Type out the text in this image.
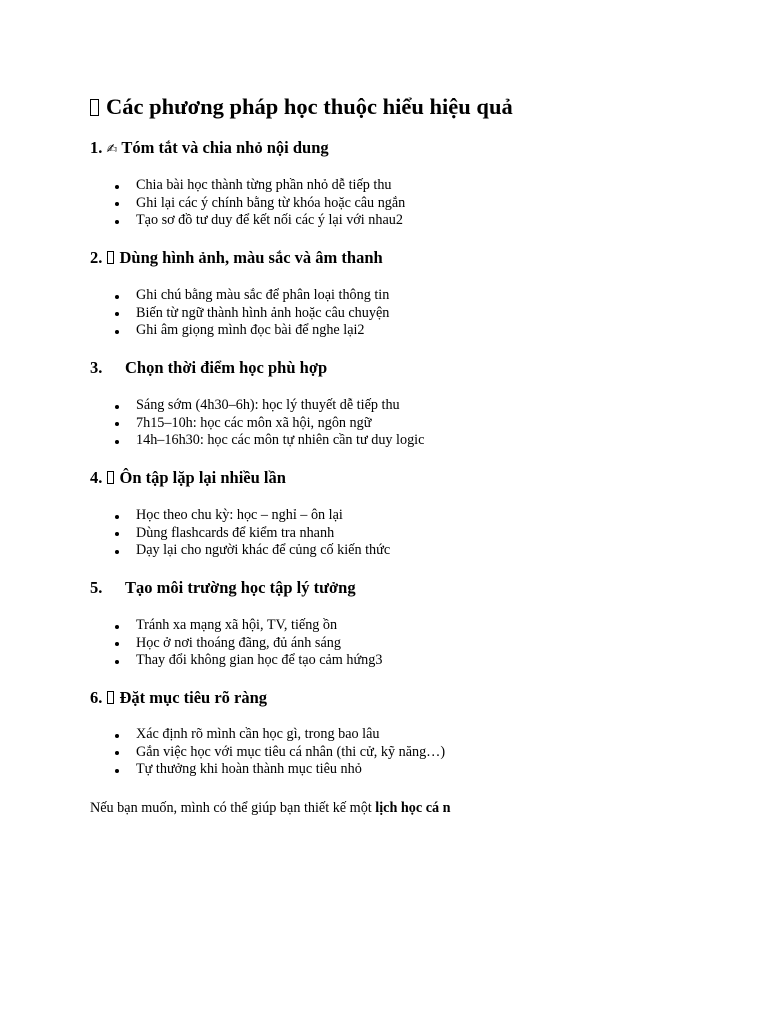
Các phương pháp học thuộc hiểu hiệu quả
1. ✍ Tóm tắt và chia nhỏ nội dung
Chia bài học thành từng phần nhỏ dễ tiếp thu
Ghi lại các ý chính bằng từ khóa hoặc câu ngắn
Tạo sơ đồ tư duy để kết nối các ý lại với nhau2
2. Dùng hình ảnh, màu sắc và âm thanh
Ghi chú bằng màu sắc để phân loại thông tin
Biến từ ngữ thành hình ảnh hoặc câu chuyện
Ghi âm giọng mình đọc bài để nghe lại2
3. Chọn thời điểm học phù hợp
Sáng sớm (4h30–6h): học lý thuyết dễ tiếp thu
7h15–10h: học các môn xã hội, ngôn ngữ
14h–16h30: học các môn tự nhiên cần tư duy logic
4. Ôn tập lặp lại nhiều lần
Học theo chu kỳ: học – nghỉ – ôn lại
Dùng flashcards để kiểm tra nhanh
Dạy lại cho người khác để củng cố kiến thức
5. Tạo môi trường học tập lý tưởng
Tránh xa mạng xã hội, TV, tiếng ồn
Học ở nơi thoáng đãng, đủ ánh sáng
Thay đổi không gian học để tạo cảm hứng3
6. Đặt mục tiêu rõ ràng
Xác định rõ mình cần học gì, trong bao lâu
Gắn việc học với mục tiêu cá nhân (thi cử, kỹ năng…)
Tự thưởng khi hoàn thành mục tiêu nhỏ

Nếu bạn muốn, mình có thể giúp bạn thiết kế một lịch học cá n
